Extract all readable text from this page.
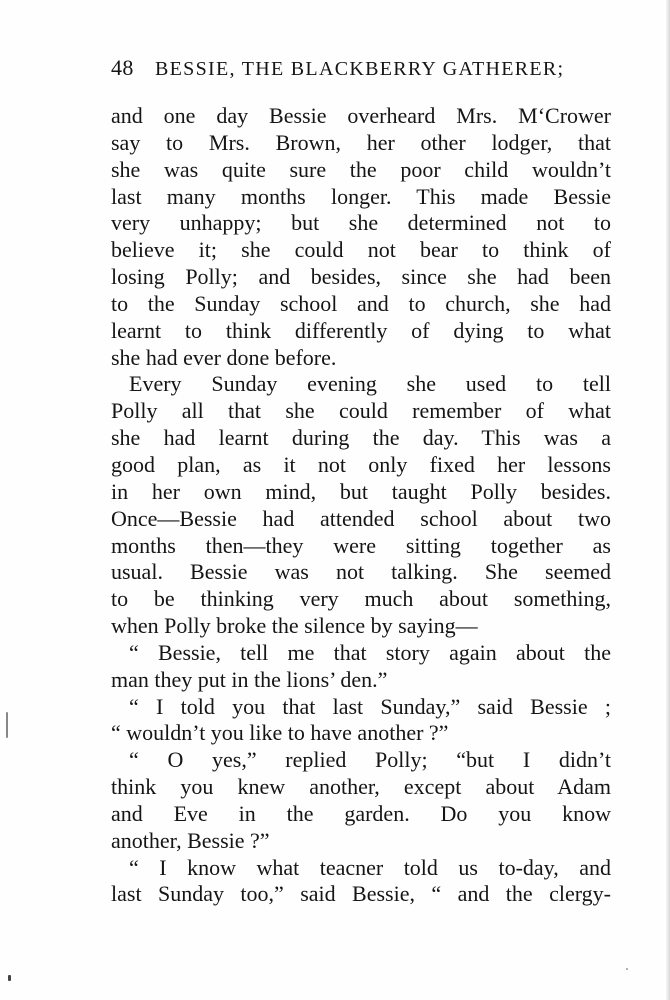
48 BESSIE, THE BLACKBERRY GATHERER;
and one day Bessie overheard Mrs. M‘Crower
say to Mrs. Brown, her other lodger, that
she was quite sure the poor child wouldn’t
last many months longer. This made Bessie
very unhappy; but she determined not to
believe it; she could not bear to think of
losing Polly; and besides, since she had been
to the Sunday school and to church, she had
learnt to think differently of dying to what
she had ever done before.
Every Sunday evening she used to tell
Polly all that she could remember of what
she had learnt during the day. This was a
good plan, as it not only fixed her lessons
in her own mind, but taught Polly besides.
Once—Bessie had attended school about two
months then—they were sitting together as
usual. Bessie was not talking. She seemed
to be thinking very much about something,
when Polly broke the silence by saying—
“ Bessie, tell me that story again about the
man they put in the lions’ den.”
“ I told you that last Sunday,” said Bessie ;
“ wouldn’t you like to have another ?”
“ O yes,” replied Polly; “but I didn’t
think you knew another, except about Adam
and Eve in the garden. Do you know
another, Bessie ?”
“ I know what teacner told us to-day, and
last Sunday too,” said Bessie, “ and the clergy-
